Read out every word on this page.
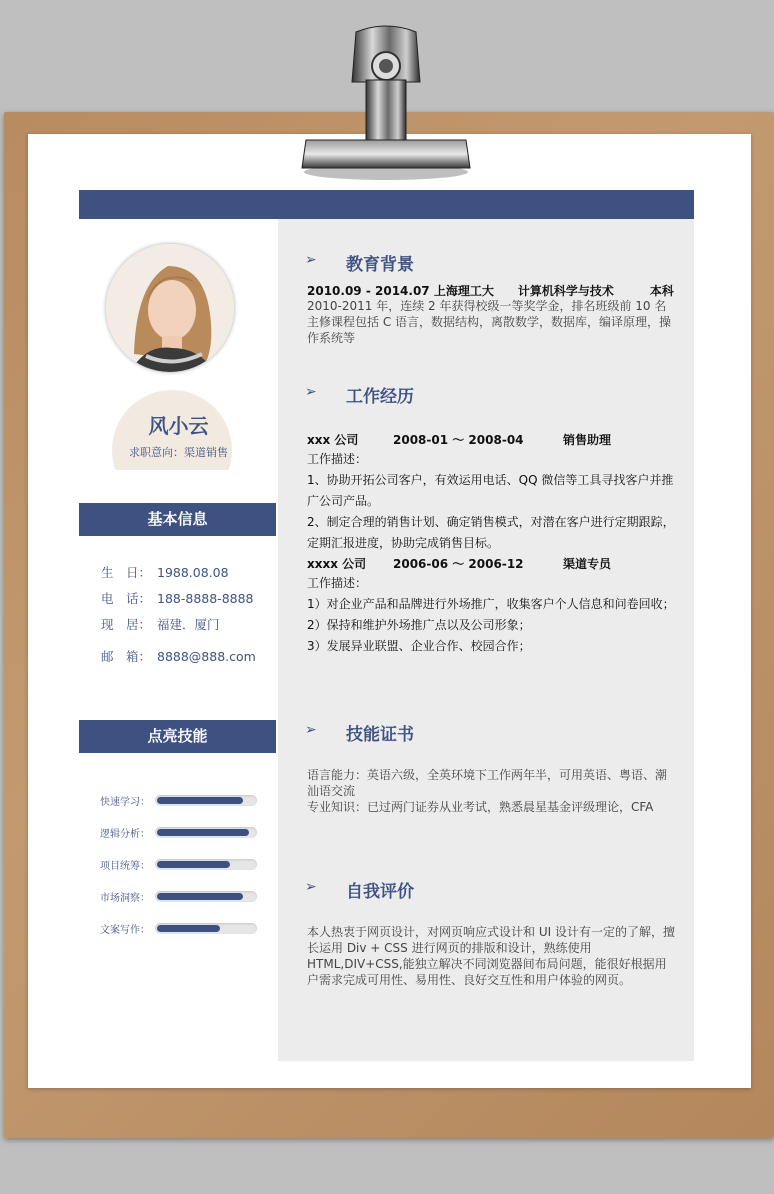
风小云
求职意向：渠道销售
基本信息
生　日： 1988.08.08
电　话： 188-8888-8888
现　居： 福建．厦门
邮　箱： 8888@888.com
点亮技能
快速学习：
逻辑分析：
项目统筹：
市场洞察：
文案写作：
➢ 教育背景
2010.09 - 2014.07 上海理工大　　计算机科学与技术　　　本科
2010-2011 年，连续 2 年获得校级一等奖学金，排名班级前 10 名主修课程包括 C 语言，数据结构，离散数学，数据库，编译原理，操作系统等
➢ 工作经历
xxx 公司	2008-01 ～ 2008-04	销售助理
工作描述：
1、协助开拓公司客户，有效运用电话、QQ 微信等工具寻找客户并推广公司产品。
2、制定合理的销售计划、确定销售模式，对潜在客户进行定期跟踪，定期汇报进度，协助完成销售目标。
xxxx 公司 2006-06 ～ 2006-12	渠道专员
工作描述：
1）对企业产品和品牌进行外场推广，收集客户个人信息和问卷回收；
2）保持和维护外场推广点以及公司形象；
3）发展异业联盟、企业合作、校园合作；
➢ 技能证书
语言能力：英语六级，全英环境下工作两年半，可用英语、粤语、潮汕语交流
专业知识：已过两门证券从业考试，熟悉晨星基金评级理论，CFA
➢ 自我评价
本人热衷于网页设计，对网页响应式设计和 UI 设计有一定的了解，擅长运用 Div + CSS 进行网页的排版和设计，熟练使用 HTML,DIV+CSS,能独立解决不同浏览器间布局问题，能很好根据用户需求完成可用性、易用性、良好交互性和用户体验的网页。
